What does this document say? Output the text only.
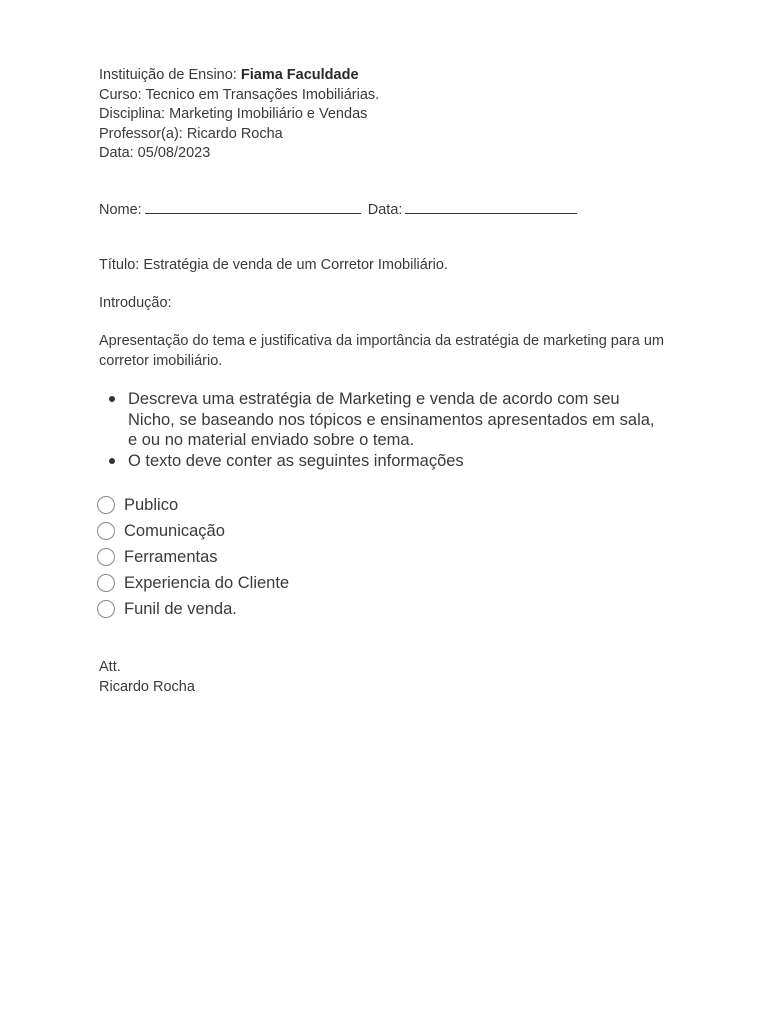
Instituição de Ensino: Fiama Faculdade
Curso: Tecnico em Transações Imobiliárias.
Disciplina: Marketing Imobiliário e Vendas
Professor(a): Ricardo Rocha
Data: 05/08/2023
Nome:	Data:
Título: Estratégia de venda de um Corretor Imobiliário.
Introdução:
Apresentação do tema e justificativa da importância da estratégia de marketing para um corretor imobiliário.
Descreva uma estratégia de Marketing e venda de acordo com seu Nicho, se baseando nos tópicos e ensinamentos apresentados em sala, e ou no material enviado sobre o tema.
O texto deve conter as seguintes informações
Publico
Comunicação
Ferramentas
Experiencia do Cliente
Funil de venda.
Att.
Ricardo Rocha
